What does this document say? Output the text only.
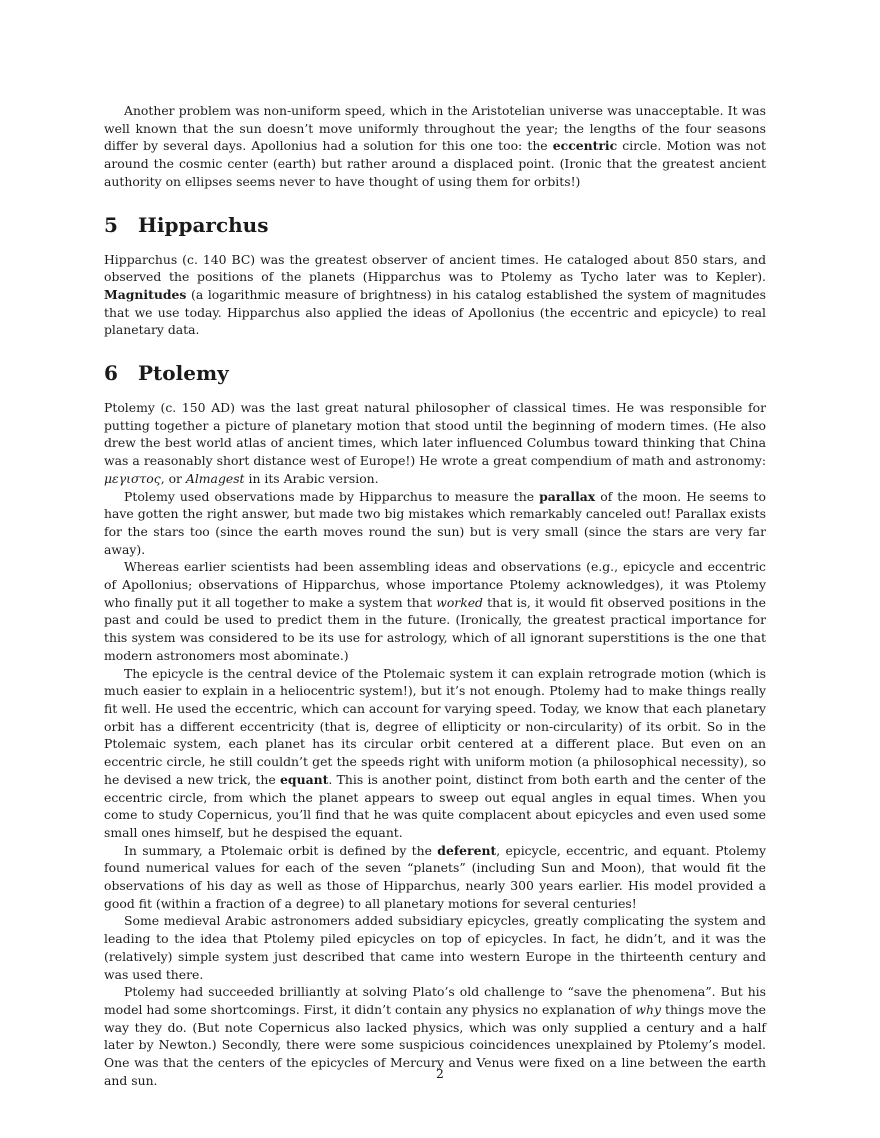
Another problem was non-uniform speed, which in the Aristotelian universe was unacceptable. It was well known that the sun doesn’t move uniformly throughout the year; the lengths of the four seasons differ by several days. Apollonius had a solution for this one too: the eccentric circle. Motion was not around the cosmic center (earth) but rather around a displaced point. (Ironic that the greatest ancient authority on ellipses seems never to have thought of using them for orbits!)

5 Hipparchus

Hipparchus (c. 140 BC) was the greatest observer of ancient times. He cataloged about 850 stars, and observed the positions of the planets (Hipparchus was to Ptolemy as Tycho later was to Kepler). Magnitudes (a logarithmic measure of brightness) in his catalog established the system of magnitudes that we use today. Hipparchus also applied the ideas of Apollonius (the eccentric and epicycle) to real planetary data.

6 Ptolemy

Ptolemy (c. 150 AD) was the last great natural philosopher of classical times. He was responsible for putting together a picture of planetary motion that stood until the beginning of modern times. (He also drew the best world atlas of ancient times, which later influenced Columbus toward thinking that China was a reasonably short distance west of Europe!) He wrote a great compendium of math and astronomy: μεγιστος, or Almagest in its Arabic version.

Ptolemy used observations made by Hipparchus to measure the parallax of the moon. He seems to have gotten the right answer, but made two big mistakes which remarkably canceled out! Parallax exists for the stars too (since the earth moves round the sun) but is very small (since the stars are very far away).

Whereas earlier scientists had been assembling ideas and observations (e.g., epicycle and eccentric of Apollonius; observations of Hipparchus, whose importance Ptolemy acknowledges), it was Ptolemy who finally put it all together to make a system that worked that is, it would fit observed positions in the past and could be used to predict them in the future. (Ironically, the greatest practical importance for this system was considered to be its use for astrology, which of all ignorant superstitions is the one that modern astronomers most abominate.)

The epicycle is the central device of the Ptolemaic system it can explain retrograde motion (which is much easier to explain in a heliocentric system!), but it’s not enough. Ptolemy had to make things really fit well. He used the eccentric, which can account for varying speed. Today, we know that each planetary orbit has a different eccentricity (that is, degree of ellipticity or non-circularity) of its orbit. So in the Ptolemaic system, each planet has its circular orbit centered at a different place. But even on an eccentric circle, he still couldn’t get the speeds right with uniform motion (a philosophical necessity), so he devised a new trick, the equant. This is another point, distinct from both earth and the center of the eccentric circle, from which the planet appears to sweep out equal angles in equal times. When you come to study Copernicus, you’ll find that he was quite complacent about epicycles and even used some small ones himself, but he despised the equant.

In summary, a Ptolemaic orbit is defined by the deferent, epicycle, eccentric, and equant. Ptolemy found numerical values for each of the seven “planets” (including Sun and Moon), that would fit the observations of his day as well as those of Hipparchus, nearly 300 years earlier. His model provided a good fit (within a fraction of a degree) to all planetary motions for several centuries!

Some medieval Arabic astronomers added subsidiary epicycles, greatly complicating the system and leading to the idea that Ptolemy piled epicycles on top of epicycles. In fact, he didn’t, and it was the (relatively) simple system just described that came into western Europe in the thirteenth century and was used there.

Ptolemy had succeeded brilliantly at solving Plato’s old challenge to “save the phenomena”. But his model had some shortcomings. First, it didn’t contain any physics no explanation of why things move the way they do. (But note Copernicus also lacked physics, which was only supplied a century and a half later by Newton.) Secondly, there were some suspicious coincidences unexplained by Ptolemy’s model. One was that the centers of the epicycles of Mercury and Venus were fixed on a line between the earth and sun.	2
